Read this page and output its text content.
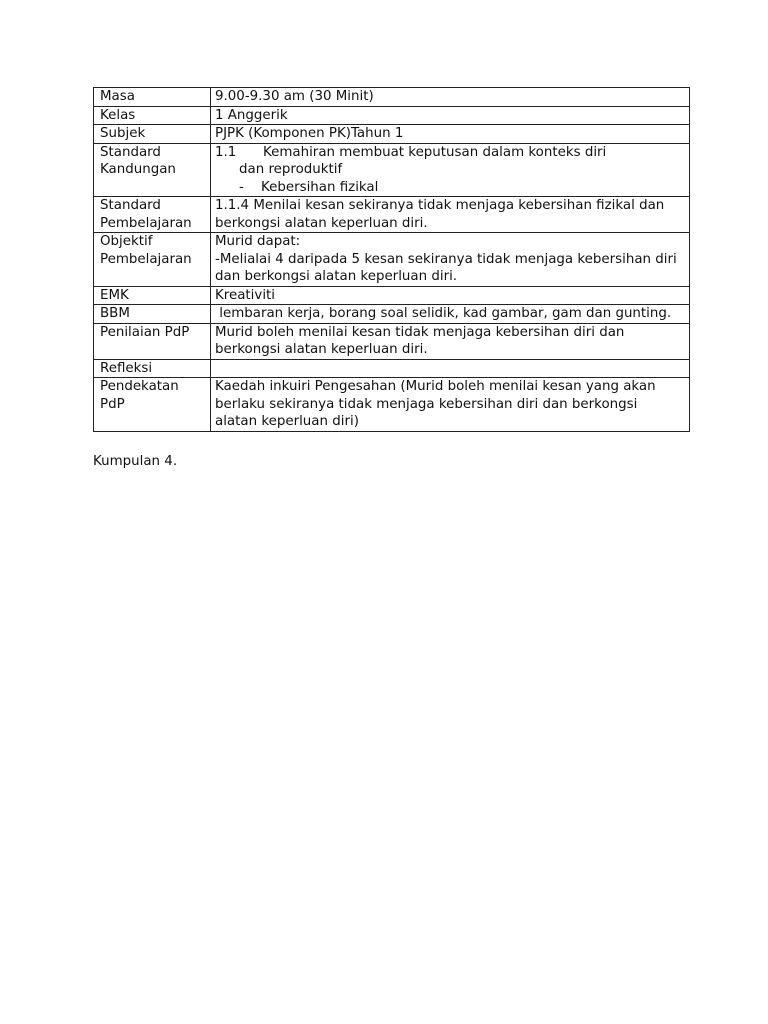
Masa	9.00-9.30 am (30 Minit)
Kelas	1 Anggerik
Subjek	PJPK (Komponen PK)Tahun 1
Standard Kandungan	1.1 Kemahiran membuat keputusan dalam konteks diri
dan reproduktif
- Kebersihan fizikal

Standard Pembelajaran	1.1.4 Menilai kesan sekiranya tidak menjaga kebersihan fizikal dan berkongsi alatan keperluan diri.
Objektif Pembelajaran	Murid dapat:
-Melialai 4 daripada 5 kesan sekiranya tidak menjaga kebersihan diri dan berkongsi alatan keperluan diri.

EMK	Kreativiti
BBM	lembaran kerja, borang soal selidik, kad gambar, gam dan gunting.
Penilaian PdP	Murid boleh menilai kesan tidak menjaga kebersihan diri dan berkongsi alatan keperluan diri.
Refleksi	
Pendekatan PdP	Kaedah inkuiri Pengesahan (Murid boleh menilai kesan yang akan berlaku sekiranya tidak menjaga kebersihan diri dan berkongsi alatan keperluan diri)
Kumpulan 4.
